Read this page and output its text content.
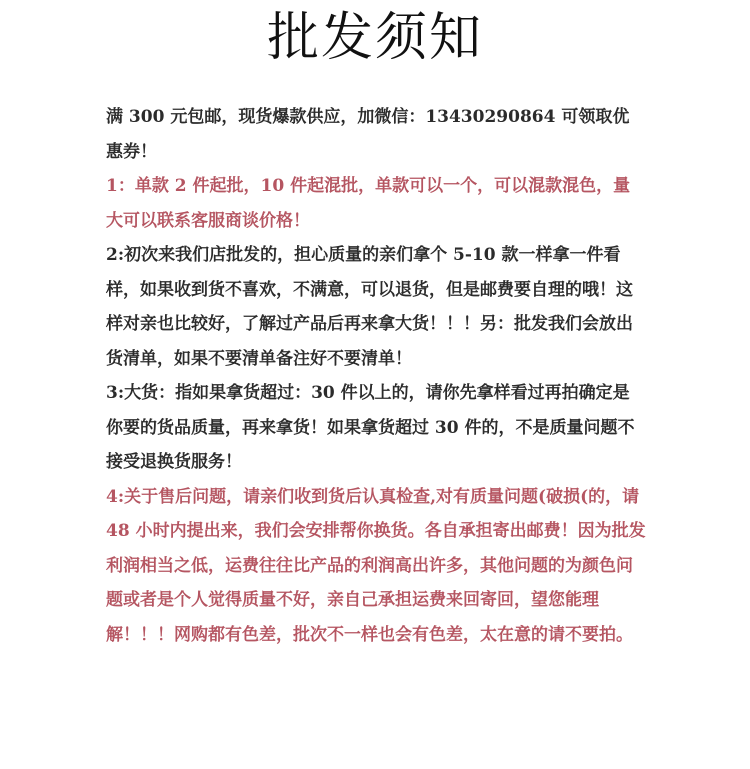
批发须知

满 300 元包邮，现货爆款供应，加微信：13430290864 可领取优惠券！

1：单款 2 件起批，10 件起混批，单款可以一个，可以混款混色，量大可以联系客服商谈价格！

2:初次来我们店批发的，担心质量的亲们拿个 5-10 款一样拿一件看样，如果收到货不喜欢，不满意，可以退货，但是邮费要自理的哦！这样对亲也比较好，了解过产品后再来拿大货！！！另：批发我们会放出货清单，如果不要清单备注好不要清单！

3:大货：指如果拿货超过：30 件以上的，请你先拿样看过再拍确定是你要的货品质量，再来拿货！如果拿货超过 30 件的，不是质量问题不接受退换货服务！

4:关于售后问题，请亲们收到货后认真检查,对有质量问题(破损(的，请 48 小时内提出来，我们会安排帮你换货。各自承担寄出邮费！因为批发利润相当之低，运费往往比产品的利润高出许多，其他问题的为颜色问题或者是个人觉得质量不好，亲自己承担运费来回寄回，望您能理解！！！网购都有色差，批次不一样也会有色差，太在意的请不要拍。
